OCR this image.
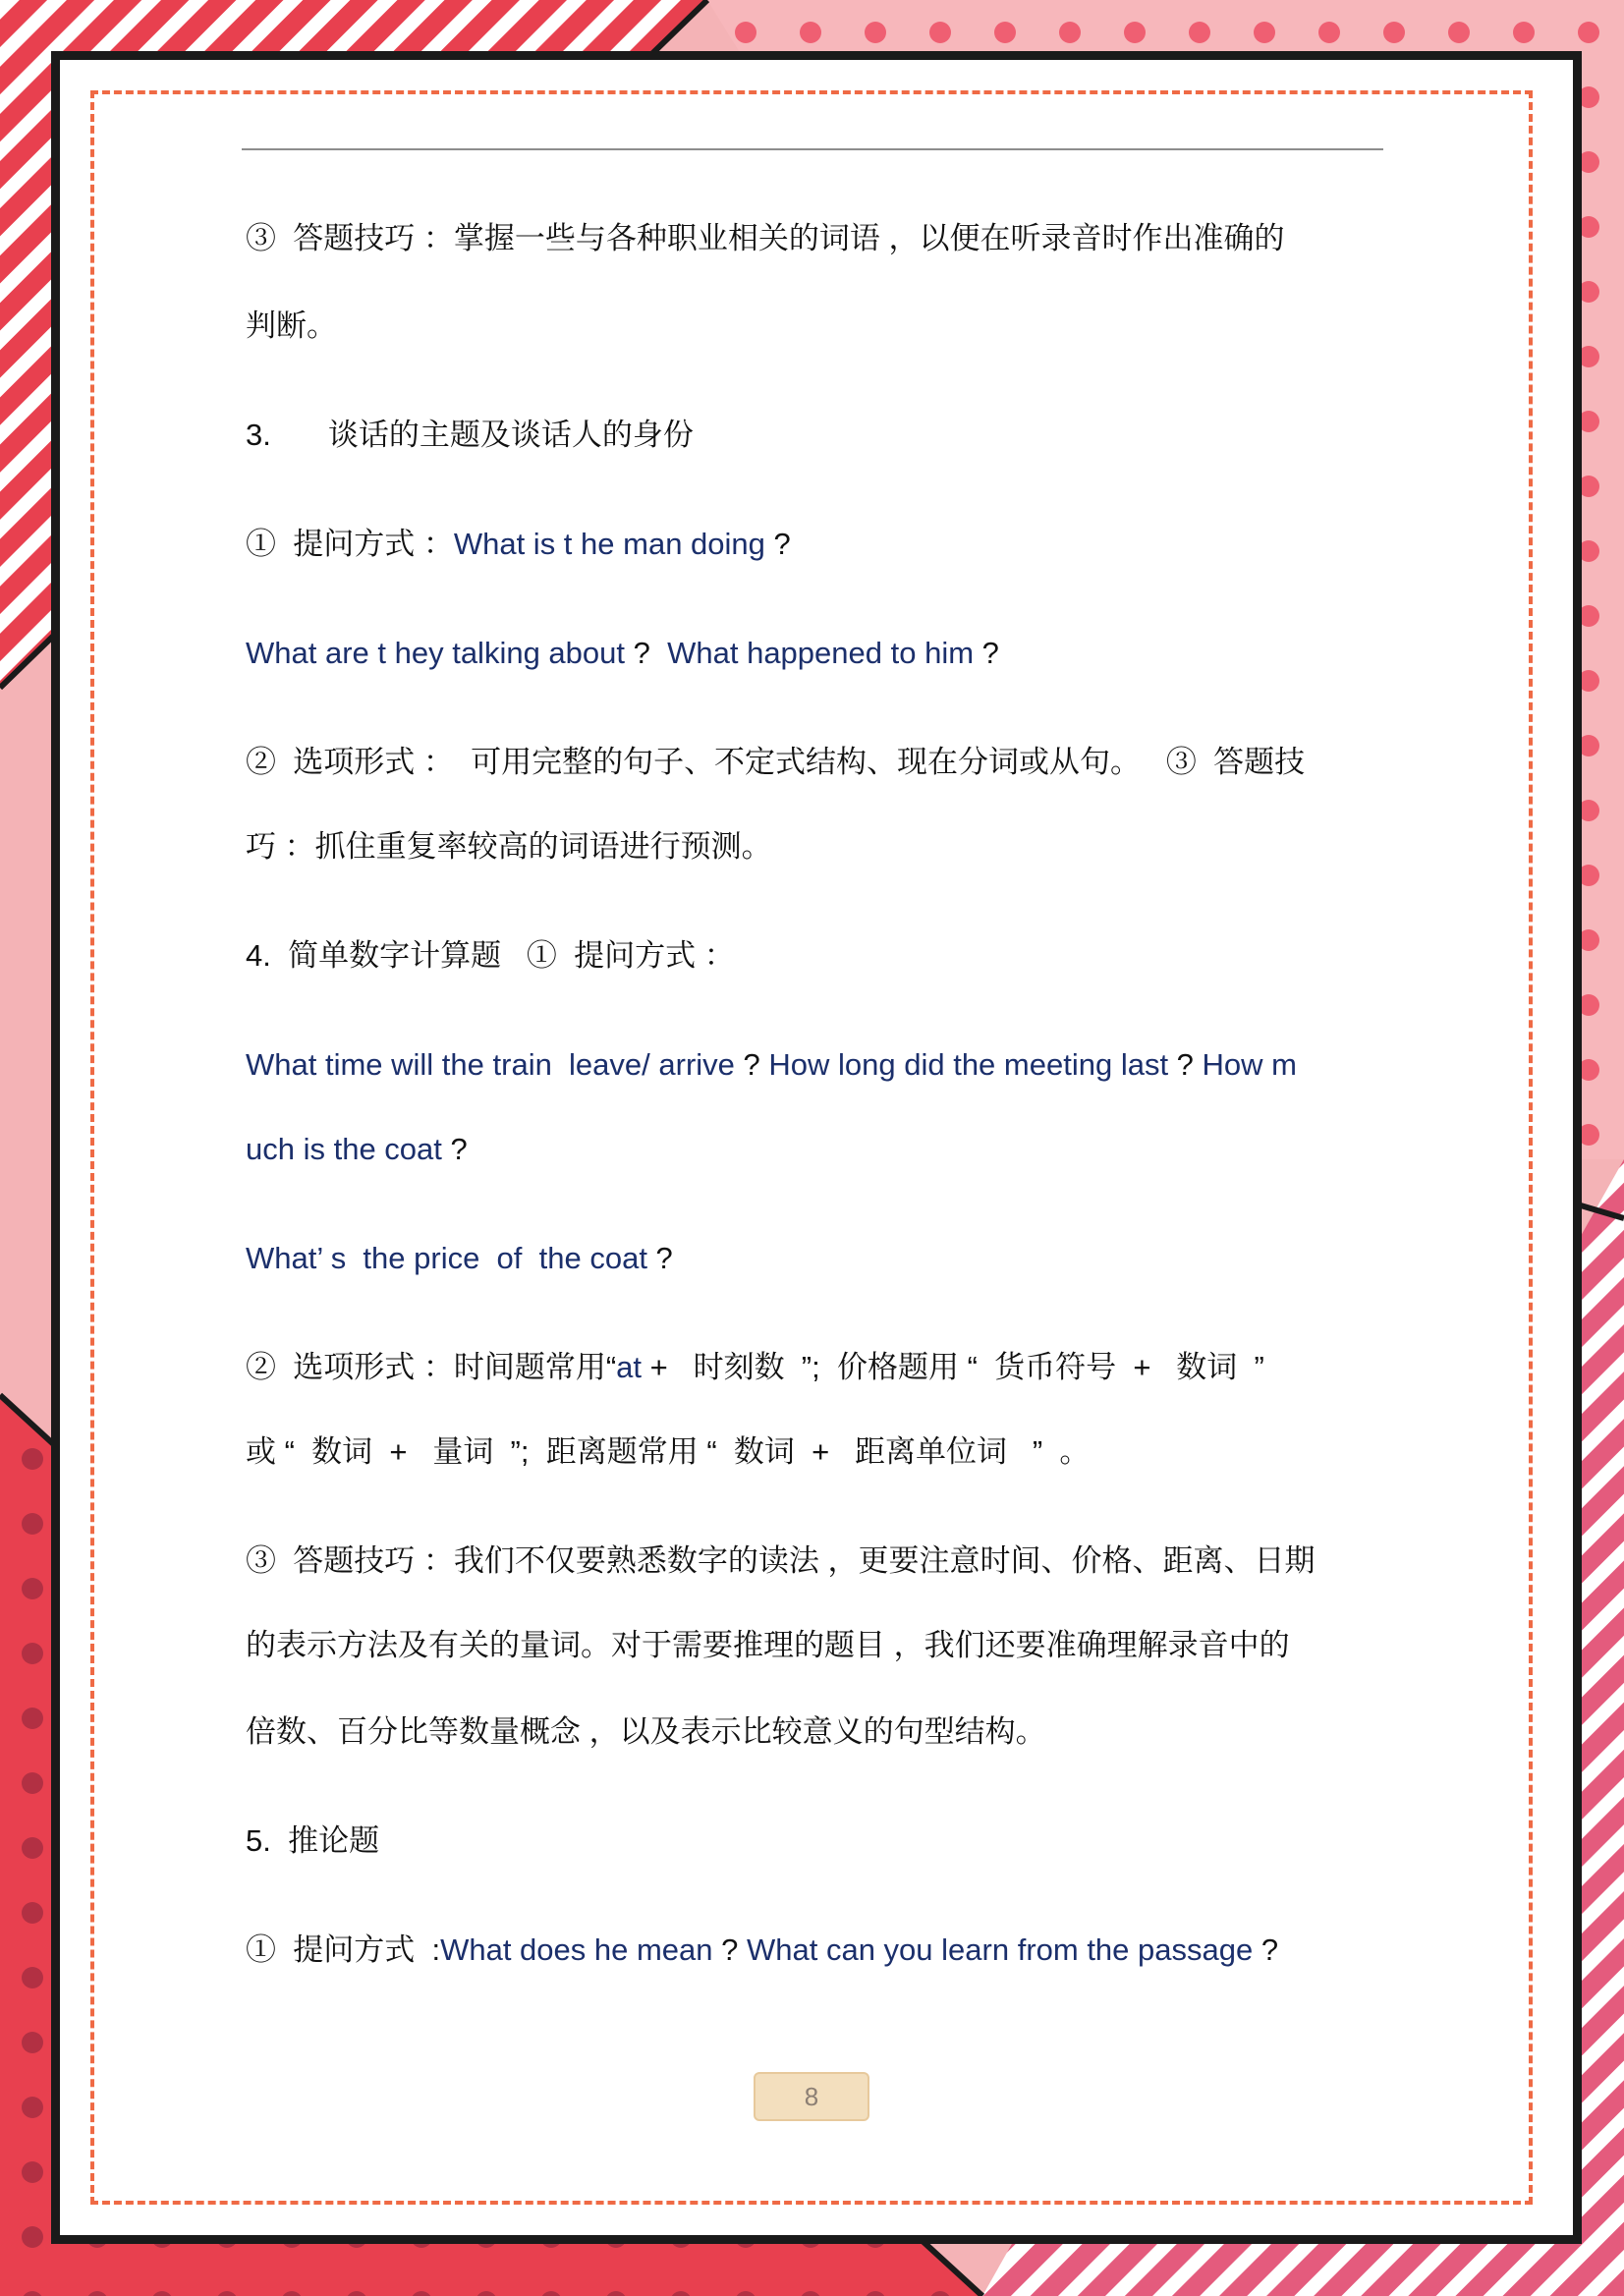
③  答题技巧 ：掌握一些与各种职业相关的词语 ，以便在听录音时作出准确的
判断。
3. 谈话的主题及谈话人的身份
①  提问方式 ：What is t he man doing ?
What are t hey talking about ?  What happened to him ?
②  选项形式 ：  可用完整的句子、不定式结构、现在分词或从句。   ③  答题技
巧 ：抓住重复率较高的词语进行预测。
4.  简单数字计算题   ①  提问方式 ：
What time will the train  leave/ arrive ? How long did the meeting last ? How m
uch is the coat ?
What’ s  the price  of  the coat ?
②  选项形式 ：时间题常用“at +   时刻数  ”;  价格题用 “  货币符号  +   数词  ”
或 “  数词  +   量词  ”;  距离题常用 “  数词  +   距离单位词   ”  。
③  答题技巧 ：我们不仅要熟悉数字的读法 ，更要注意时间、价格、距离、日期
的表示方法及有关的量词。对于需要推理的题目 ，我们还要准确理解录音中的
倍数、百分比等数量概念 ，以及表示比较意义的句型结构。
5.  推论题
①  提问方式  :What does he mean ? What can you learn from the passage ?
8
